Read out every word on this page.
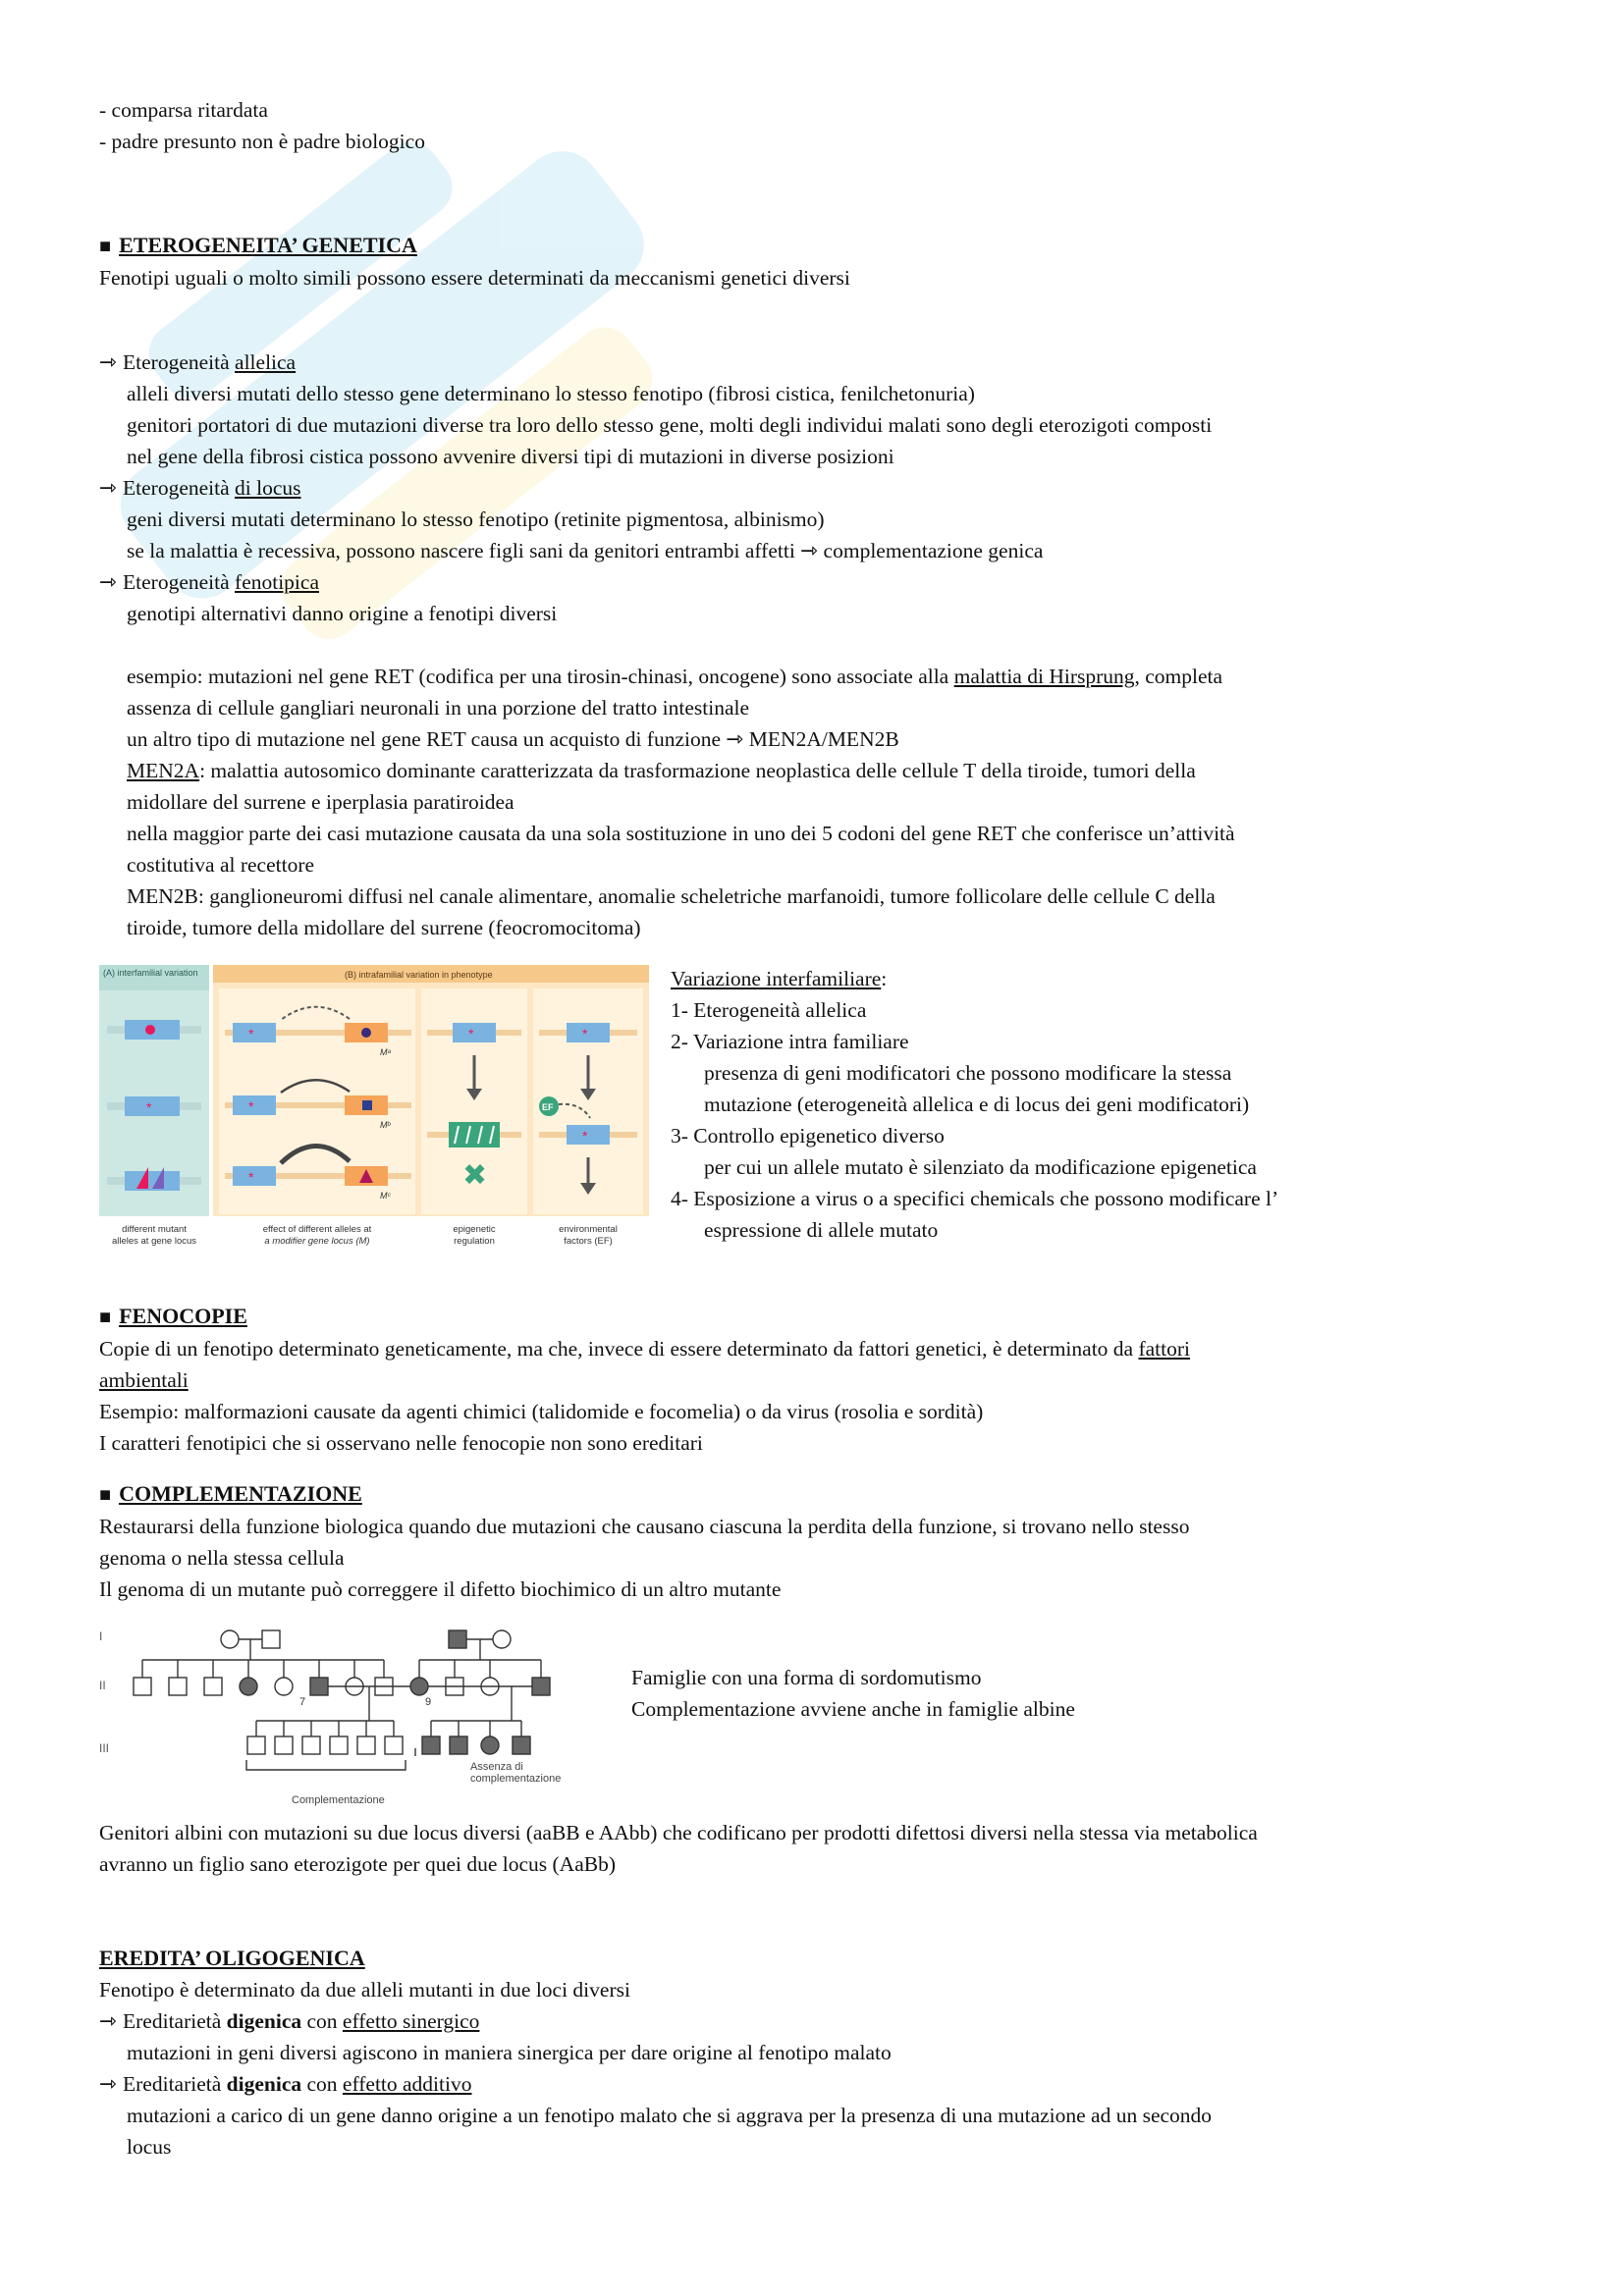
- comparsa ritardata

- padre presunto non è padre biologico

■ ETEROGENEITA’ GENETICA

Fenotipi uguali o molto simili possono essere determinati da meccanismi genetici diversi

⇾ Eterogeneità allelica

alleli diversi mutati dello stesso gene determinano lo stesso fenotipo (fibrosi cistica, fenilchetonuria)

genitori portatori di due mutazioni diverse tra loro dello stesso gene, molti degli individui malati sono degli eterozigoti composti

nel gene della fibrosi cistica possono avvenire diversi tipi di mutazioni in diverse posizioni

⇾ Eterogeneità di locus

geni diversi mutati determinano lo stesso fenotipo (retinite pigmentosa, albinismo)

se la malattia è recessiva, possono nascere figli sani da genitori entrambi affetti ⇾ complementazione genica

⇾ Eterogeneità fenotipica

genotipi alternativi danno origine a fenotipi diversi

esempio: mutazioni nel gene RET (codifica per una tirosin-chinasi, oncogene) sono associate alla malattia di Hirsprung, completa

assenza di cellule gangliari neuronali in una porzione del tratto intestinale

un altro tipo di mutazione nel gene RET causa un acquisto di funzione ⇾ MEN2A/MEN2B

MEN2A: malattia autosomico dominante caratterizzata da trasformazione neoplastica delle cellule T della tiroide, tumori della

midollare del surrene e iperplasia paratiroidea

nella maggior parte dei casi mutazione causata da una sola sostituzione in uno dei 5 codoni del gene RET che conferisce un’attività

costitutiva al recettore

MEN2B: ganglioneuromi diffusi nel canale alimentare, anomalie scheletriche marfanoidi, tumore follicolare delle cellule C della

tiroide, tumore della midollare del surrene (feocromocitoma)

(A) interfamilial variation
*
(B) intrafamilial variation in phenotype
*
Mᵃ
*
Mᵇ
*
Mᶜ
*
✖
*
EF
*
different mutant
alleles at gene locus
effect of different alleles at
a modifier gene locus (M)
epigenetic
regulation
environmental
factors (EF)

Variazione interfamiliare:

1- Eterogeneità allelica

2- Variazione intra familiare

presenza di geni modificatori che possono modificare la stessa

mutazione (eterogeneità allelica e di locus dei geni modificatori)

3- Controllo epigenetico diverso

per cui un allele mutato è silenziato da modificazione epigenetica

4- Esposizione a virus o a specifici chemicals che possono modificare l’

espressione di allele mutato

■ FENOCOPIE

Copie di un fenotipo determinato geneticamente, ma che, invece di essere determinato da fattori genetici, è determinato da fattori

ambientali

Esempio: malformazioni causate da agenti chimici (talidomide e focomelia) o da virus (rosolia e sordità)

I caratteri fenotipici che si osservano nelle fenocopie non sono ereditari

■ COMPLEMENTAZIONE

Restaurarsi della funzione biologica quando due mutazioni che causano ciascuna la perdita della funzione, si trovano nello stesso

genoma o nella stessa cellula

Il genoma di un mutante può correggere il difetto biochimico di un altro mutante

I
II
III
7	9
Assenza di
complementazione
Complementazione

Famiglie con una forma di sordomutismo

Complementazione avviene anche in famiglie albine

Genitori albini con mutazioni su due locus diversi (aaBB e AAbb) che codificano per prodotti difettosi diversi nella stessa via metabolica

avranno un figlio sano eterozigote per quei due locus (AaBb)

EREDITA’ OLIGOGENICA

Fenotipo è determinato da due alleli mutanti in due loci diversi

⇾ Ereditarietà digenica con effetto sinergico

mutazioni in geni diversi agiscono in maniera sinergica per dare origine al fenotipo malato

⇾ Ereditarietà digenica con effetto additivo

mutazioni a carico di un gene danno origine a un fenotipo malato che si aggrava per la presenza di una mutazione ad un secondo

locus
